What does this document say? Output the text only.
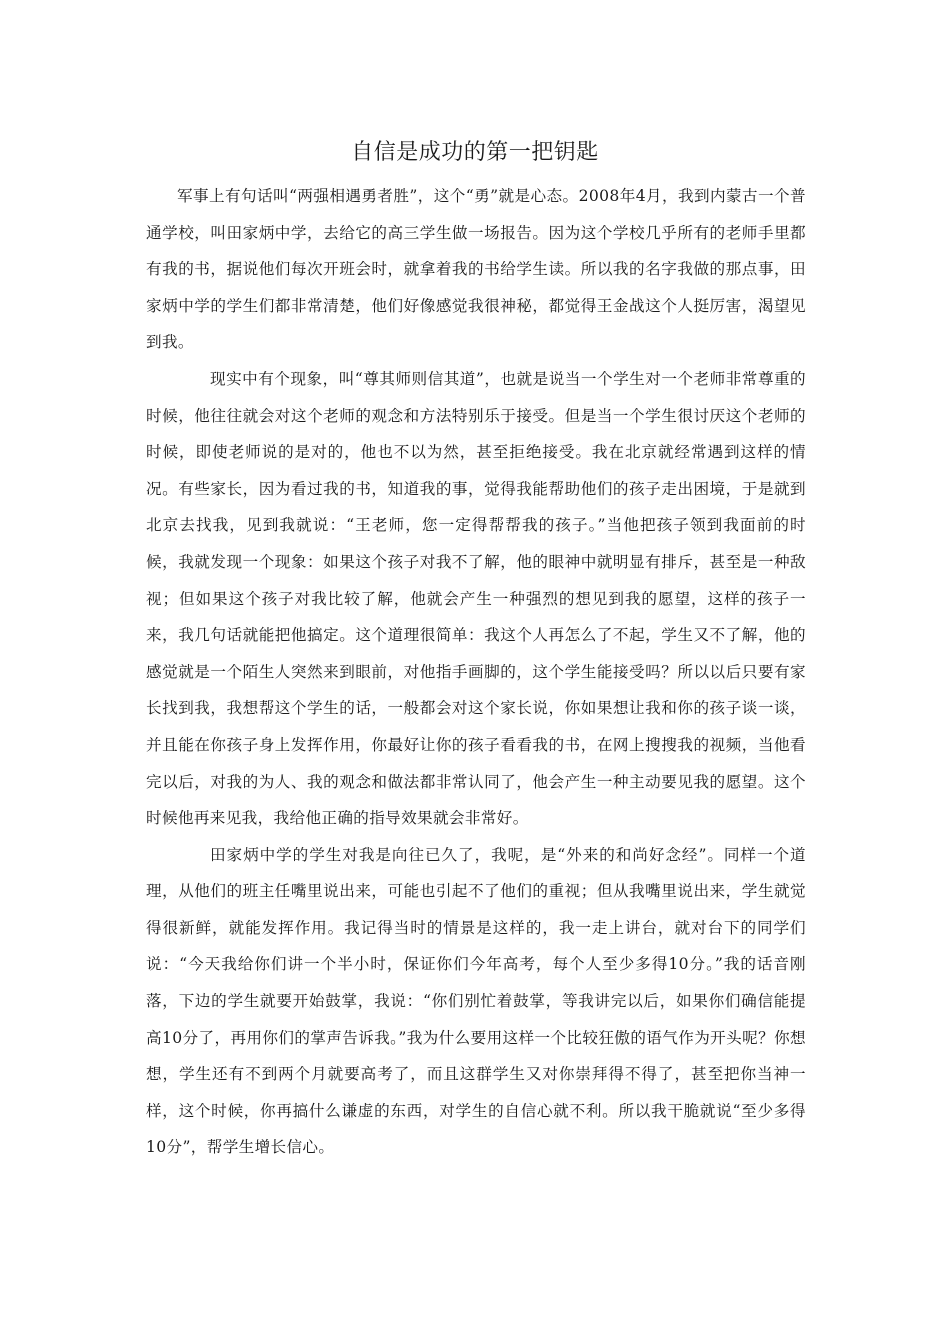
自信是成功的第一把钥匙

军事上有句话叫“两强相遇勇者胜”，这个“勇”就是心态。2008年4月，我到内蒙古一个普通学校，叫田家炳中学，去给它的高三学生做一场报告。因为这个学校几乎所有的老师手里都有我的书，据说他们每次开班会时，就拿着我的书给学生读。所以我的名字我做的那点事，田家炳中学的学生们都非常清楚，他们好像感觉我很神秘，都觉得王金战这个人挺厉害，渴望见到我。

现实中有个现象，叫“尊其师则信其道”，也就是说当一个学生对一个老师非常尊重的时候，他往往就会对这个老师的观念和方法特别乐于接受。但是当一个学生很讨厌这个老师的时候，即使老师说的是对的，他也不以为然，甚至拒绝接受。我在北京就经常遇到这样的情况。有些家长，因为看过我的书，知道我的事，觉得我能帮助他们的孩子走出困境，于是就到北京去找我，见到我就说：“王老师，您一定得帮帮我的孩子。”当他把孩子领到我面前的时候，我就发现一个现象：如果这个孩子对我不了解，他的眼神中就明显有排斥，甚至是一种敌视；但如果这个孩子对我比较了解，他就会产生一种强烈的想见到我的愿望，这样的孩子一来，我几句话就能把他搞定。这个道理很简单：我这个人再怎么了不起，学生又不了解，他的感觉就是一个陌生人突然来到眼前，对他指手画脚的，这个学生能接受吗？所以以后只要有家长找到我，我想帮这个学生的话，一般都会对这个家长说，你如果想让我和你的孩子谈一谈，并且能在你孩子身上发挥作用，你最好让你的孩子看看我的书，在网上搜搜我的视频，当他看完以后，对我的为人、我的观念和做法都非常认同了，他会产生一种主动要见我的愿望。这个时候他再来见我，我给他正确的指导效果就会非常好。

田家炳中学的学生对我是向往已久了，我呢，是“外来的和尚好念经”。同样一个道理，从他们的班主任嘴里说出来，可能也引起不了他们的重视；但从我嘴里说出来，学生就觉得很新鲜，就能发挥作用。我记得当时的情景是这样的，我一走上讲台，就对台下的同学们说：“今天我给你们讲一个半小时，保证你们今年高考，每个人至少多得10分。”我的话音刚落，下边的学生就要开始鼓掌，我说：“你们别忙着鼓掌，等我讲完以后，如果你们确信能提高10分了，再用你们的掌声告诉我。”我为什么要用这样一个比较狂傲的语气作为开头呢？你想想，学生还有不到两个月就要高考了，而且这群学生又对你崇拜得不得了，甚至把你当神一样，这个时候，你再搞什么谦虚的东西，对学生的自信心就不利。所以我干脆就说“至少多得10分”，帮学生增长信心。
